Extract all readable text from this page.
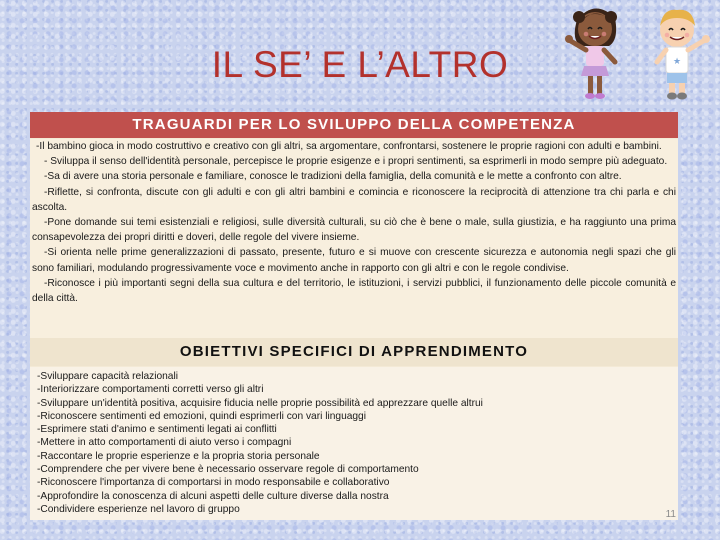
IL SE’ E L’ALTRO	★
TRAGUARDI PER LO SVILUPPO DELLA COMPETENZA

-Il bambino gioca in modo costruttivo e creativo con gli altri, sa argomentare, confrontarsi, sostenere le proprie ragioni con adulti e bambini.

- Sviluppa il senso dell'identità personale, percepisce le proprie esigenze e i propri sentimenti, sa esprimerli in modo sempre più adeguato.

-Sa di avere una storia personale e familiare, conosce le tradizioni della famiglia, della comunità e le mette a confronto con altre.

-Riflette, si confronta, discute con gli adulti e con gli altri bambini e comincia e riconoscere la reciprocità di attenzione tra chi parla e chi ascolta.

-Pone domande sui temi esistenziali e religiosi, sulle diversità culturali, su ciò che è bene o male, sulla giustizia, e ha raggiunto una prima consapevolezza dei propri diritti e doveri, delle regole del vivere insieme.

-Si orienta nelle prime generalizzazioni di passato, presente, futuro e si muove con crescente sicurezza e autonomia negli spazi che gli sono familiari, modulando progressivamente voce e movimento anche in rapporto con gli altri e con le regole condivise.

-Riconosce i più importanti segni della sua cultura e del territorio, le istituzioni, i servizi pubblici, il funzionamento delle piccole comunità e della città.

OBIETTIVI SPECIFICI DI APPRENDIMENTO
-Sviluppare capacità relazionali
-Interiorizzare comportamenti corretti verso gli altri
-Sviluppare un'identità positiva, acquisire fiducia nelle proprie possibilità ed apprezzare quelle altrui
-Riconoscere sentimenti ed emozioni, quindi esprimerli con vari linguaggi
-Esprimere stati d'animo e sentimenti legati ai conflitti
-Mettere in atto comportamenti di aiuto verso i compagni
-Raccontare le proprie esperienze e la propria storia personale
-Comprendere che per vivere bene è necessario osservare regole di comportamento
-Riconoscere l'importanza di comportarsi in modo responsabile e collaborativo
-Approfondire la conoscenza di alcuni aspetti delle culture diverse dalla nostra
-Condividere esperienze nel lavoro di gruppo	11
